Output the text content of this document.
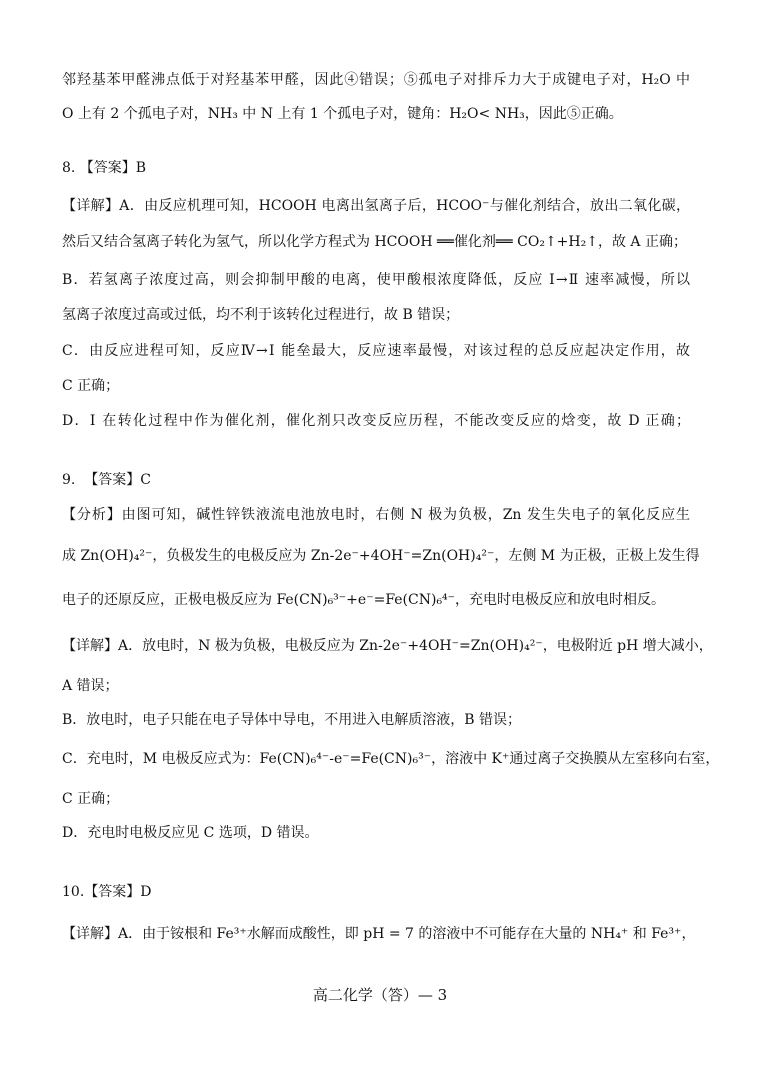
邻羟基苯甲醛沸点低于对羟基苯甲醛，因此④错误；⑤孤电子对排斥力大于成键电子对，H₂O 中
O 上有 2 个孤电子对，NH₃ 中 N 上有 1 个孤电子对，键角：H₂O< NH₃，因此⑤正确。
8. 【答案】B
【详解】A．由反应机理可知，HCOOH 电离出氢离子后，HCOO⁻与催化剂结合，放出二氧化碳，
然后又结合氢离子转化为氢气，所以化学方程式为 HCOOH ══催化剂══ CO₂↑+H₂↑，故 A 正确；
B．若氢离子浓度过高，则会抑制甲酸的电离，使甲酸根浓度降低，反应 Ⅰ→Ⅱ 速率减慢，所以
氢离子浓度过高或过低，均不利于该转化过程进行，故 B 错误；
C．由反应进程可知，反应Ⅳ→Ⅰ 能垒最大，反应速率最慢，对该过程的总反应起决定作用，故
C 正确；
D．Ⅰ 在转化过程中作为催化剂，催化剂只改变反应历程，不能改变反应的焓变，故 D 正确；
9.  【答案】C
【分析】由图可知，碱性锌铁液流电池放电时，右侧 N 极为负极，Zn 发生失电子的氧化反应生
成 Zn(OH)₄²⁻，负极发生的电极反应为 Zn-2e⁻+4OH⁻=Zn(OH)₄²⁻，左侧 M 为正极，正极上发生得
电子的还原反应，正极电极反应为 Fe(CN)₆³⁻+e⁻=Fe(CN)₆⁴⁻，充电时电极反应和放电时相反。
【详解】A．放电时，N 极为负极，电极反应为 Zn-2e⁻+4OH⁻=Zn(OH)₄²⁻，电极附近 pH 增大减小，
A 错误；
B．放电时，电子只能在电子导体中导电，不用进入电解质溶液，B 错误；
C．充电时，M 电极反应式为：Fe(CN)₆⁴⁻-e⁻=Fe(CN)₆³⁻，溶液中 K⁺通过离子交换膜从左室移向右室，
C 正确；
D．充电时电极反应见 C 选项，D 错误。
10.【答案】D
【详解】A．由于铵根和 Fe³⁺水解而成酸性，即 pH = 7 的溶液中不可能存在大量的 NH₄⁺ 和 Fe³⁺，
高二化学（答）— 3
